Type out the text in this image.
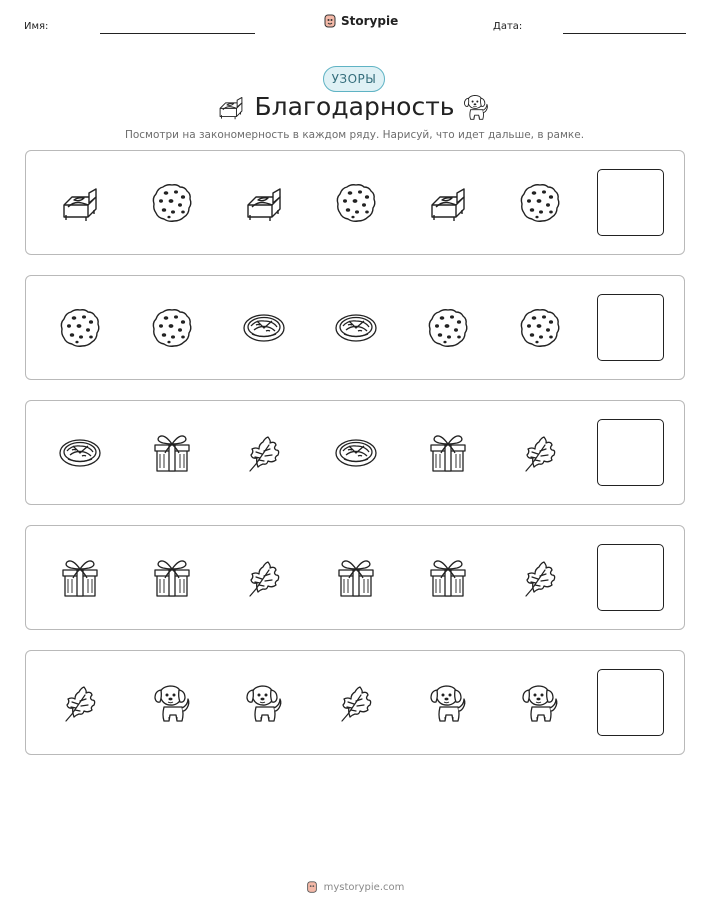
Имя:	Storypie	Дата:
УЗОРЫ
Благодарность
Посмотри на закономерность в каждом ряду. Нарисуй, что идет дальше, в рамке.
mystorypie.com
